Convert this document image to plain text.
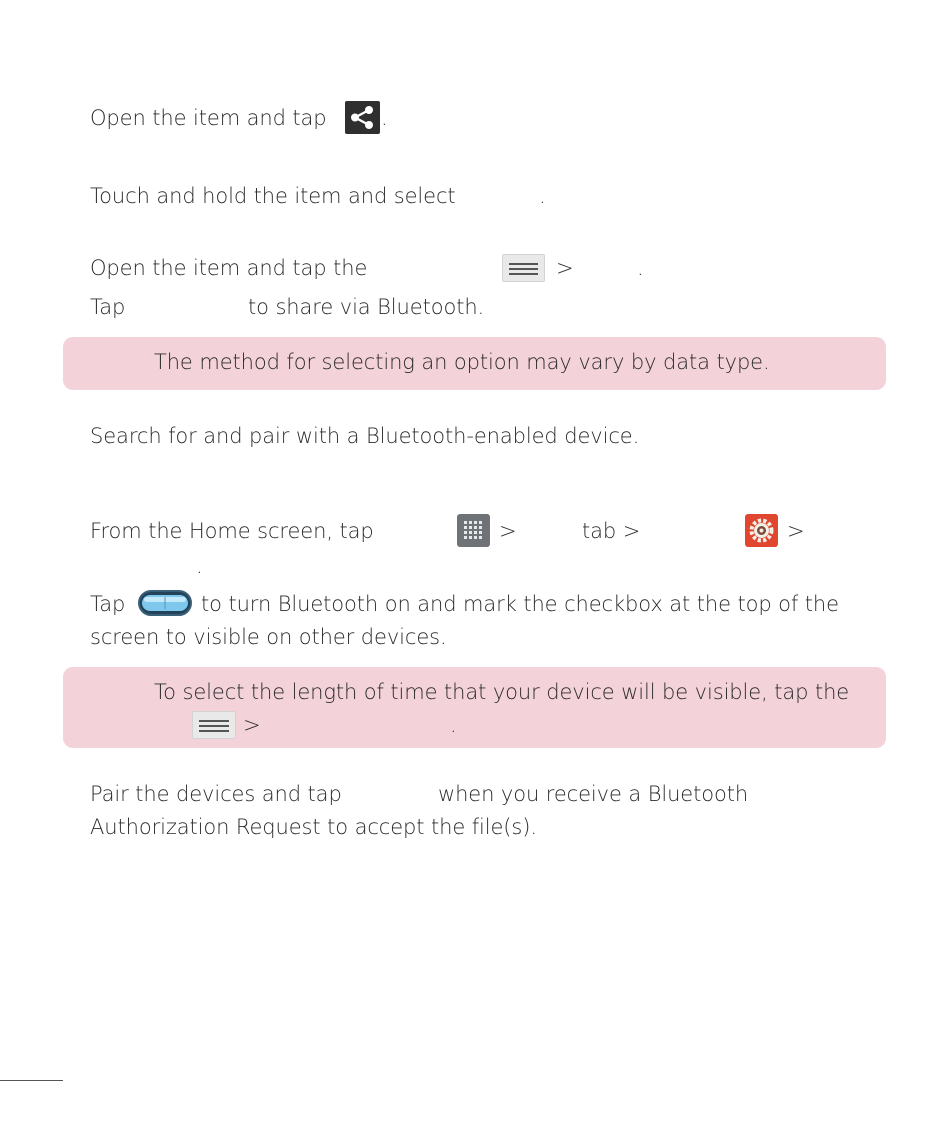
Open the item and tap	.
Touch and hold the item and select	.
Open the item and tap the	>	.
Tap	to share via Bluetooth.
The method for selecting an option may vary by data type.
Search for and pair with a Bluetooth-enabled device.
From the Home screen, tap	>	tab >	>
.
Tap	to turn Bluetooth on and mark the checkbox at the top of the
screen to visible on other devices.
To select the length of time that your device will be visible, tap the
>	.
Pair the devices and tap	when you receive a Bluetooth
Authorization Request to accept the file(s).
